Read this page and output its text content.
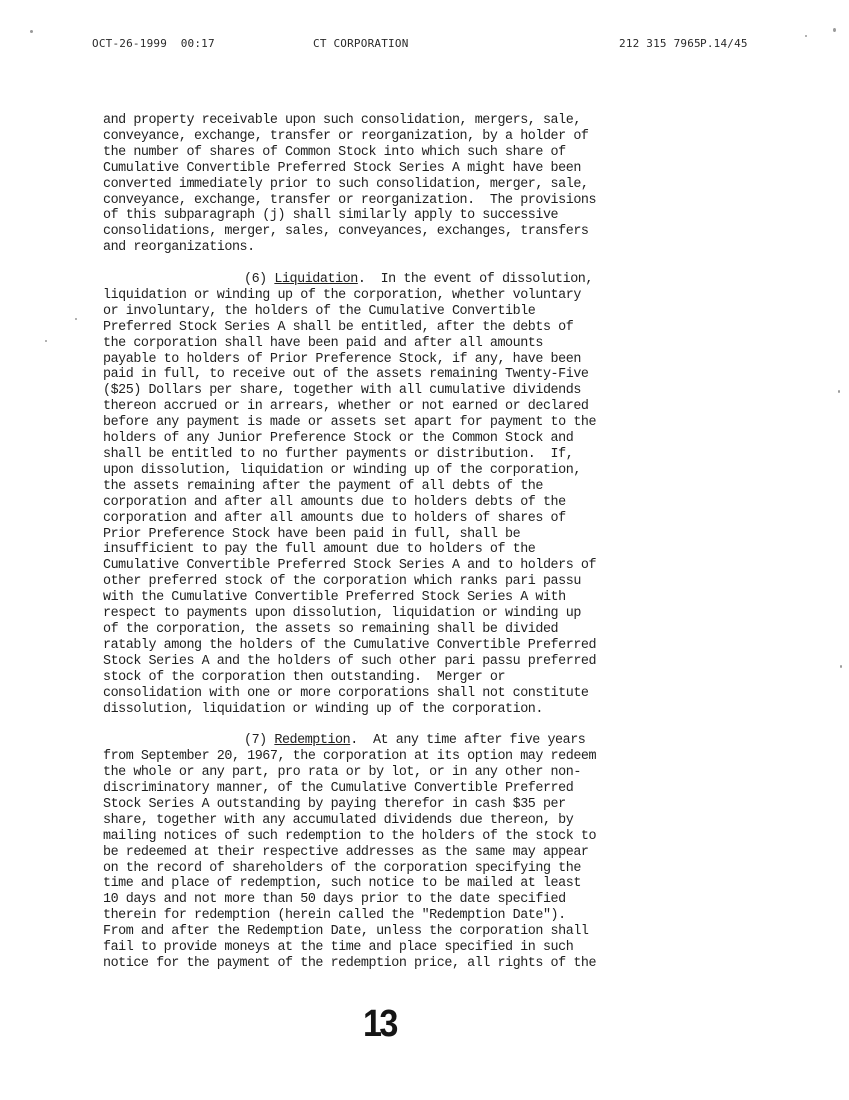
OCT-26-1999  00:17	CT CORPORATION	212 315 7965 P.14/45
and property receivable upon such consolidation, mergers, sale,
conveyance, exchange, transfer or reorganization, by a holder of
the number of shares of Common Stock into which such share of
Cumulative Convertible Preferred Stock Series A might have been
converted immediately prior to such consolidation, merger, sale,
conveyance, exchange, transfer or reorganization.  The provisions
of this subparagraph (j) shall similarly apply to successive
consolidations, merger, sales, conveyances, exchanges, transfers
and reorganizations.
(6) Liquidation.  In the event of dissolution,
liquidation or winding up of the corporation, whether voluntary
or involuntary, the holders of the Cumulative Convertible
Preferred Stock Series A shall be entitled, after the debts of
the corporation shall have been paid and after all amounts
payable to holders of Prior Preference Stock, if any, have been
paid in full, to receive out of the assets remaining Twenty-Five
($25) Dollars per share, together with all cumulative dividends
thereon accrued or in arrears, whether or not earned or declared
before any payment is made or assets set apart for payment to the
holders of any Junior Preference Stock or the Common Stock and
shall be entitled to no further payments or distribution.  If,
upon dissolution, liquidation or winding up of the corporation,
the assets remaining after the payment of all debts of the
corporation and after all amounts due to holders debts of the
corporation and after all amounts due to holders of shares of
Prior Preference Stock have been paid in full, shall be
insufficient to pay the full amount due to holders of the
Cumulative Convertible Preferred Stock Series A and to holders of
other preferred stock of the corporation which ranks pari passu
with the Cumulative Convertible Preferred Stock Series A with
respect to payments upon dissolution, liquidation or winding up
of the corporation, the assets so remaining shall be divided
ratably among the holders of the Cumulative Convertible Preferred
Stock Series A and the holders of such other pari passu preferred
stock of the corporation then outstanding.  Merger or
consolidation with one or more corporations shall not constitute
dissolution, liquidation or winding up of the corporation.
(7) Redemption.  At any time after five years
from September 20, 1967, the corporation at its option may redeem
the whole or any part, pro rata or by lot, or in any other non-
discriminatory manner, of the Cumulative Convertible Preferred
Stock Series A outstanding by paying therefor in cash $35 per
share, together with any accumulated dividends due thereon, by
mailing notices of such redemption to the holders of the stock to
be redeemed at their respective addresses as the same may appear
on the record of shareholders of the corporation specifying the
time and place of redemption, such notice to be mailed at least
10 days and not more than 50 days prior to the date specified
therein for redemption (herein called the "Redemption Date").
From and after the Redemption Date, unless the corporation shall
fail to provide moneys at the time and place specified in such
notice for the payment of the redemption price, all rights of the
13
